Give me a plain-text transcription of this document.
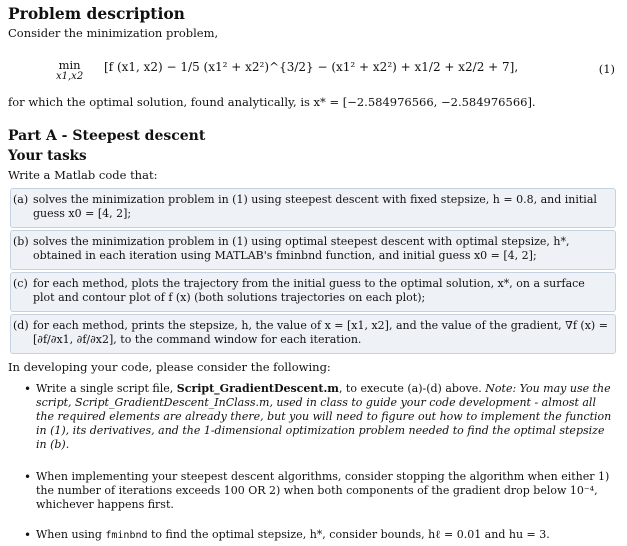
Problem description
Consider the minimization problem,
min
x1,x2
[f (x1, x2) − 1/5 (x1² + x2²)^{3/2} − (x1² + x2²) + x1/2 + x2/2 + 7],	(1)
for which the optimal solution, found analytically, is x* = [−2.584976566, −2.584976566].
Part A - Steepest descent
Your tasks
Write a Matlab code that:
(a) solves the minimization problem in (1) using steepest descent with fixed stepsize, h = 0.8, and initial guess x0 = [4, 2];
(b) solves the minimization problem in (1) using optimal steepest descent with optimal stepsize, h*, obtained in each iteration using MATLAB's fminbnd function, and initial guess x0 = [4, 2];
(c) for each method, plots the trajectory from the initial guess to the optimal solution, x*, on a surface plot and contour plot of f (x) (both solutions trajectories on each plot);
(d) for each method, prints the stepsize, h, the value of x = [x1, x2], and the value of the gradient, ∇f (x) = [∂f/∂x1, ∂f/∂x2], to the command window for each iteration.
In developing your code, please consider the following:
• Write a single script file, Script_GradientDescent.m, to execute (a)-(d) above. Note: You may use the script, Script_GradientDescent_InClass.m, used in class to guide your code development - almost all the required elements are already there, but you will need to figure out how to implement the function in (1), its derivatives, and the 1-dimensional optimization problem needed to find the optimal stepsize in (b).
• When implementing your steepest descent algorithms, consider stopping the algorithm when either 1) the number of iterations exceeds 100 OR 2) when both components of the gradient drop below 10⁻⁴, whichever happens first.
• When using fminbnd to find the optimal stepsize, h*, consider bounds, hℓ = 0.01 and hu = 3.
